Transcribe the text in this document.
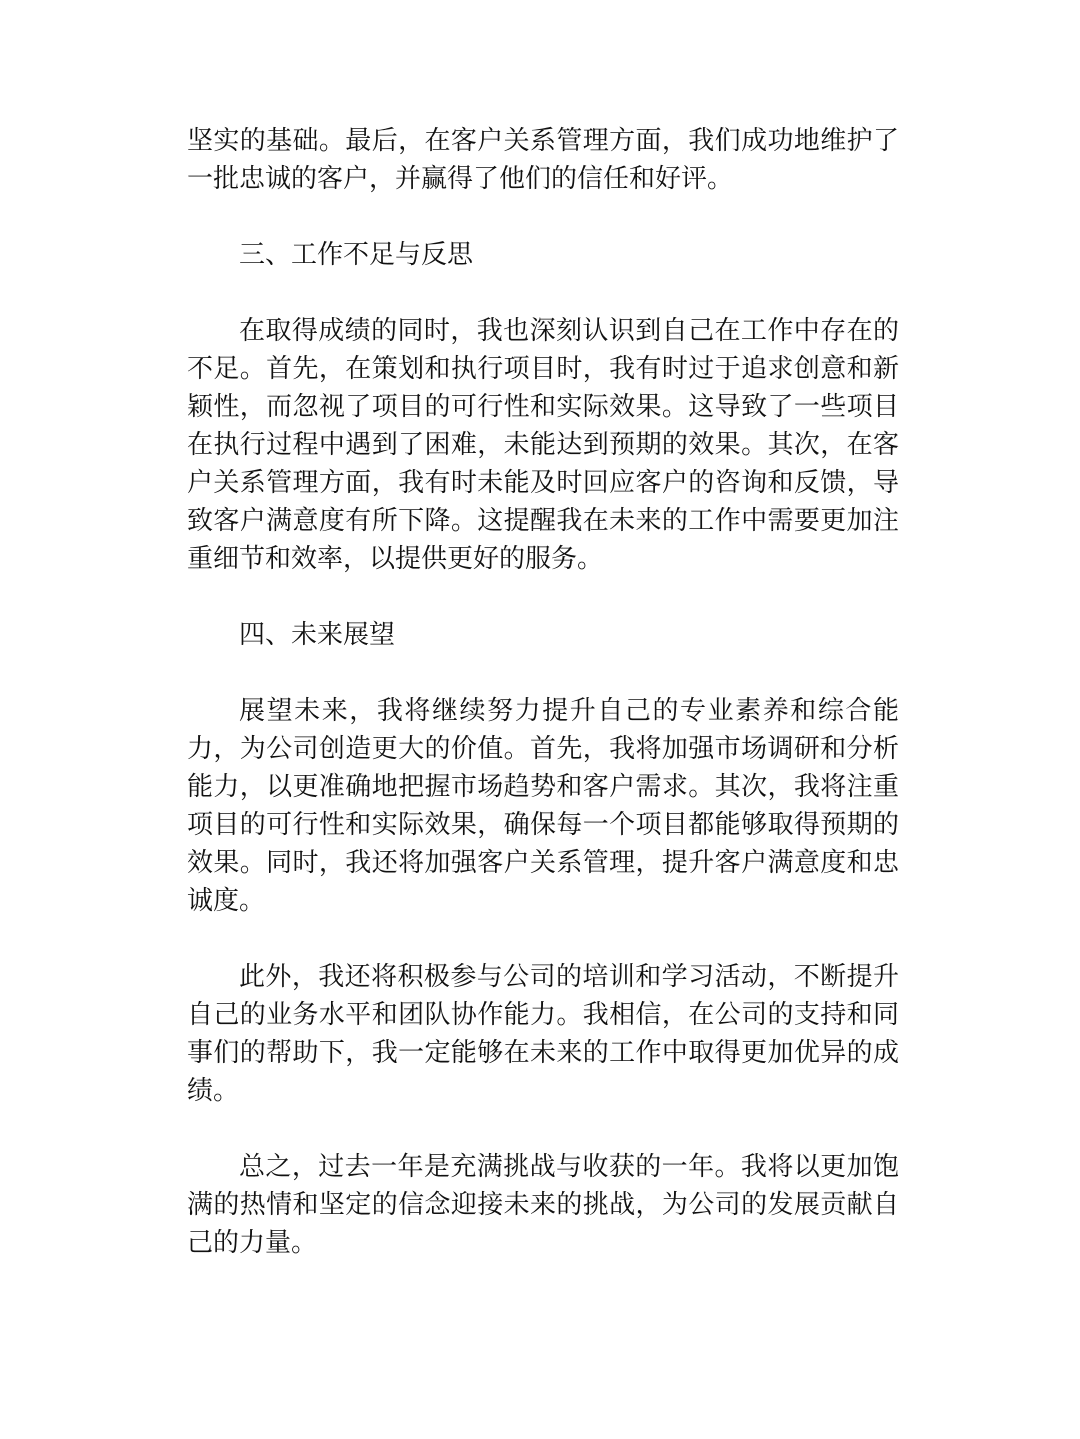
坚实的基础。最后，在客户关系管理方面，我们成功地维护了一批忠诚的客户，并赢得了他们的信任和好评。

三、工作不足与反思

在取得成绩的同时，我也深刻认识到自己在工作中存在的不足。首先，在策划和执行项目时，我有时过于追求创意和新颖性，而忽视了项目的可行性和实际效果。这导致了一些项目在执行过程中遇到了困难，未能达到预期的效果。其次，在客户关系管理方面，我有时未能及时回应客户的咨询和反馈，导致客户满意度有所下降。这提醒我在未来的工作中需要更加注重细节和效率，以提供更好的服务。

四、未来展望

展望未来，我将继续努力提升自己的专业素养和综合能力，为公司创造更大的价值。首先，我将加强市场调研和分析能力，以更准确地把握市场趋势和客户需求。其次，我将注重项目的可行性和实际效果，确保每一个项目都能够取得预期的效果。同时，我还将加强客户关系管理，提升客户满意度和忠诚度。

此外，我还将积极参与公司的培训和学习活动，不断提升自己的业务水平和团队协作能力。我相信，在公司的支持和同事们的帮助下，我一定能够在未来的工作中取得更加优异的成绩。

总之，过去一年是充满挑战与收获的一年。我将以更加饱满的热情和坚定的信念迎接未来的挑战，为公司的发展贡献自己的力量。
